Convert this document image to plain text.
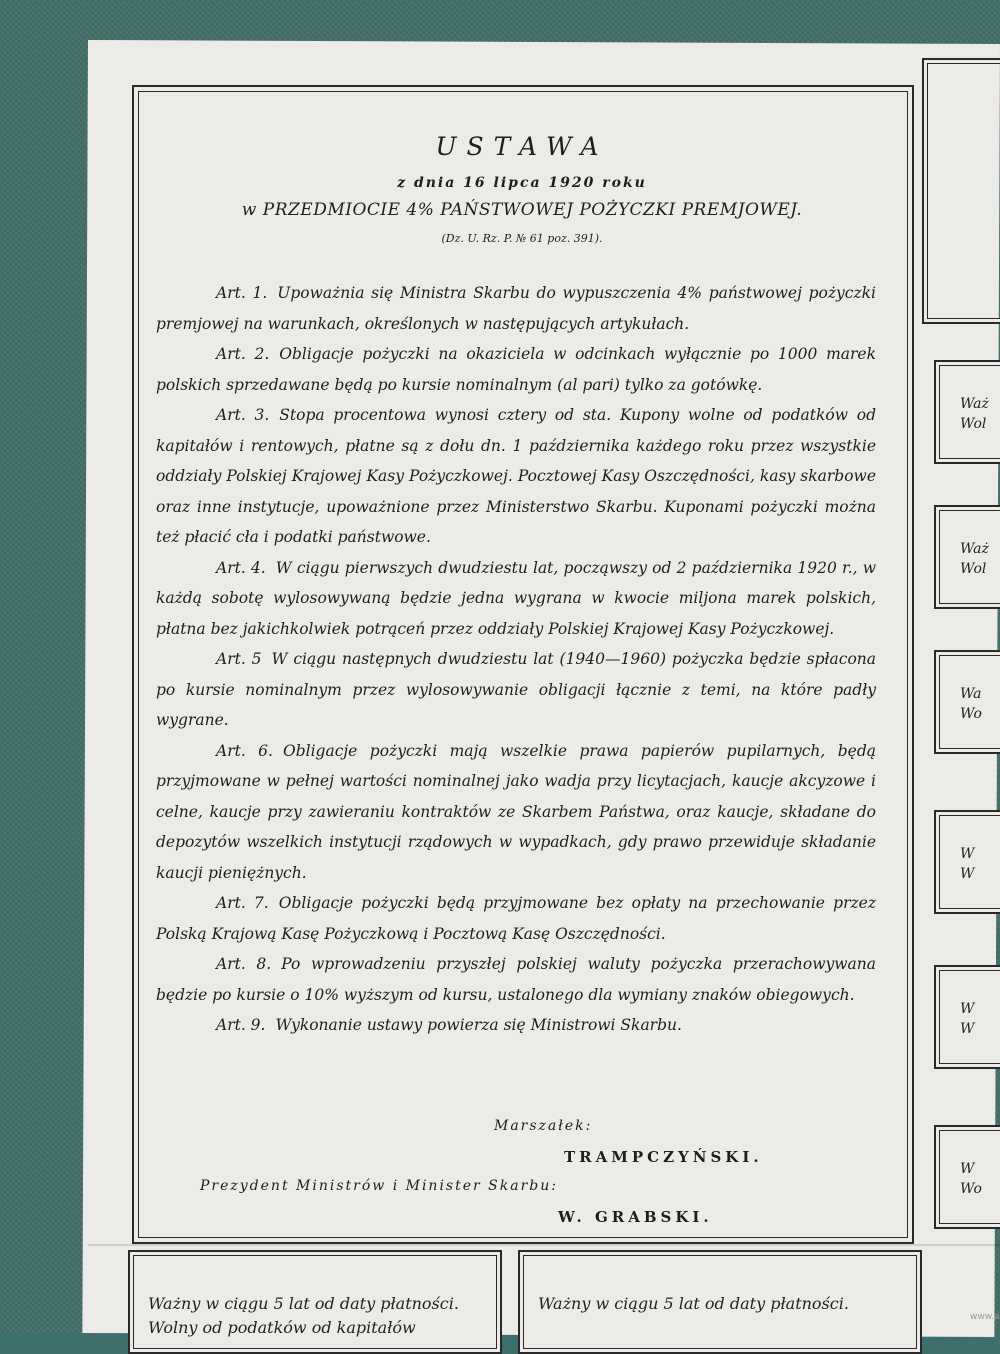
Waż
Wol
Waż
Wol
Wa
Wo
W
W
W
W
W
Wo
Ważny w ciągu 5 lat od daty płatności.
Wolny od podatków od kapitałów
Ważny w ciągu 5 lat od daty płatności.
USTAWA
z dnia 16 lipca 1920 roku
w PRZEDMIOCIE 4% PAŃSTWOWEJ POŻYCZKI PREMJOWEJ.
(Dz. U. Rz. P. № 61 poz. 391).

Art. 1. Upoważnia się Ministra Skarbu do wypuszczenia 4% państwowej pożyczki premjowej na warunkach, określonych w następujących artykułach.

Art. 2. Obligacje pożyczki na okaziciela w odcinkach wyłącznie po 1000 marek polskich sprzedawane będą po kursie nominalnym (al pari) tylko za gotówkę.

Art. 3. Stopa procentowa wynosi cztery od sta. Kupony wolne od podatków od kapitałów i rentowych, płatne są z dołu dn. 1 października każdego roku przez wszystkie oddziały Polskiej Krajowej Kasy Pożyczkowej. Pocztowej Kasy Oszczędności, kasy skarbowe oraz inne instytucje, upoważnione przez Ministerstwo Skarbu. Kuponami pożyczki można też płacić cła i podatki państwowe.

Art. 4. W ciągu pierwszych dwudziestu lat, począwszy od 2 października 1920 r., w każdą sobotę wylosowywaną będzie jedna wygrana w kwocie miljona marek polskich, płatna bez jakichkolwiek potrąceń przez oddziały Polskiej Krajowej Kasy Pożyczkowej.

Art. 5 W ciągu następnych dwudziestu lat (1940—1960) pożyczka będzie spłacona po kursie nominalnym przez wylosowywanie obligacji łącznie z temi, na które padły wygrane.

Art. 6. Obligacje pożyczki mają wszelkie prawa papierów pupilarnych, będą przyjmowane w pełnej wartości nominalnej jako wadja przy licytacjach, kaucje akcyzowe i celne, kaucje przy zawieraniu kontraktów ze Skarbem Państwa, oraz kaucje, składane do depozytów wszelkich instytucji rządowych w wypadkach, gdy prawo przewiduje składanie kaucji pieniężnych.

Art. 7. Obligacje pożyczki będą przyjmowane bez opłaty na przechowanie przez Polską Krajową Kasę Pożyczkową i Pocztową Kasę Oszczędności.

Art. 8. Po wprowadzeniu przyszłej polskiej waluty pożyczka przerachowywana będzie po kursie o 10% wyższym od kursu, ustalonego dla wymiany znaków obiegowych.

Art. 9. Wykonanie ustawy powierza się Ministrowi Skarbu.

Marszałek:
TRAMPCZYŃSKI.
Prezydent Ministrów i Minister Skarbu:
W. GRABSKI.
www.a
